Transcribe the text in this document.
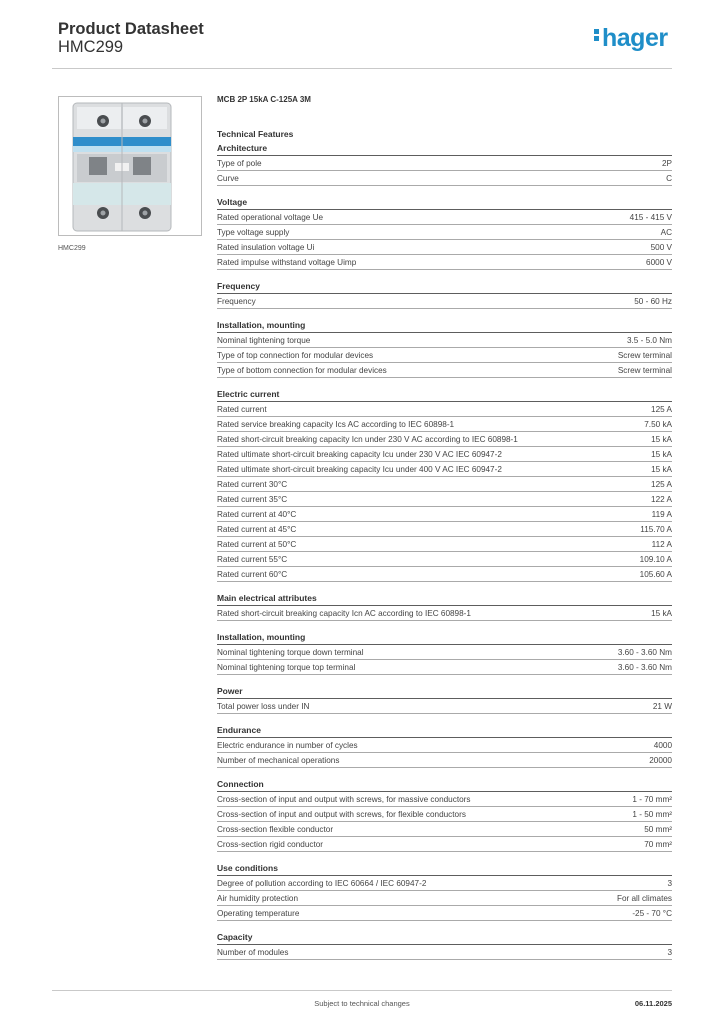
Product Datasheet
HMC299	hager
HMC299
MCB 2P 15kA C-125A 3M
Technical Features
Architecture
Type of pole	2P
Curve	C
Voltage
Rated operational voltage Ue	415 - 415 V
Type voltage supply	AC
Rated insulation voltage Ui	500 V
Rated impulse withstand voltage Uimp	6000 V
Frequency
Frequency	50 - 60 Hz
Installation, mounting
Nominal tightening torque	3.5 - 5.0 Nm
Type of top connection for modular devices	Screw terminal
Type of bottom connection for modular devices	Screw terminal
Electric current
Rated current	125 A
Rated service breaking capacity Ics AC according to IEC 60898-1	7.50 kA
Rated short-circuit breaking capacity Icn under 230 V AC according to IEC 60898-1	15 kA
Rated ultimate short-circuit breaking capacity Icu under 230 V AC IEC 60947-2	15 kA
Rated ultimate short-circuit breaking capacity Icu under 400 V AC IEC 60947-2	15 kA
Rated current 30°C	125 A
Rated current 35°C	122 A
Rated current at 40°C	119 A
Rated current at 45°C	115.70 A
Rated current at 50°C	112 A
Rated current 55°C	109.10 A
Rated current 60°C	105.60 A
Main electrical attributes
Rated short-circuit breaking capacity Icn AC according to IEC 60898-1	15 kA
Installation, mounting
Nominal tightening torque down terminal	3.60 - 3.60 Nm
Nominal tightening torque top terminal	3.60 - 3.60 Nm
Power
Total power loss under IN	21 W
Endurance
Electric endurance in number of cycles	4000
Number of mechanical operations	20000
Connection
Cross-section of input and output with screws, for massive conductors	1 - 70 mm²
Cross-section of input and output with screws, for flexible conductors	1 - 50 mm²
Cross-section flexible conductor	50 mm²
Cross-section rigid conductor	70 mm²
Use conditions
Degree of pollution according to IEC 60664 / IEC 60947-2	3
Air humidity protection	For all climates
Operating temperature	-25 - 70 °C
Capacity
Number of modules	3
Subject to technical changes	06.11.2025
